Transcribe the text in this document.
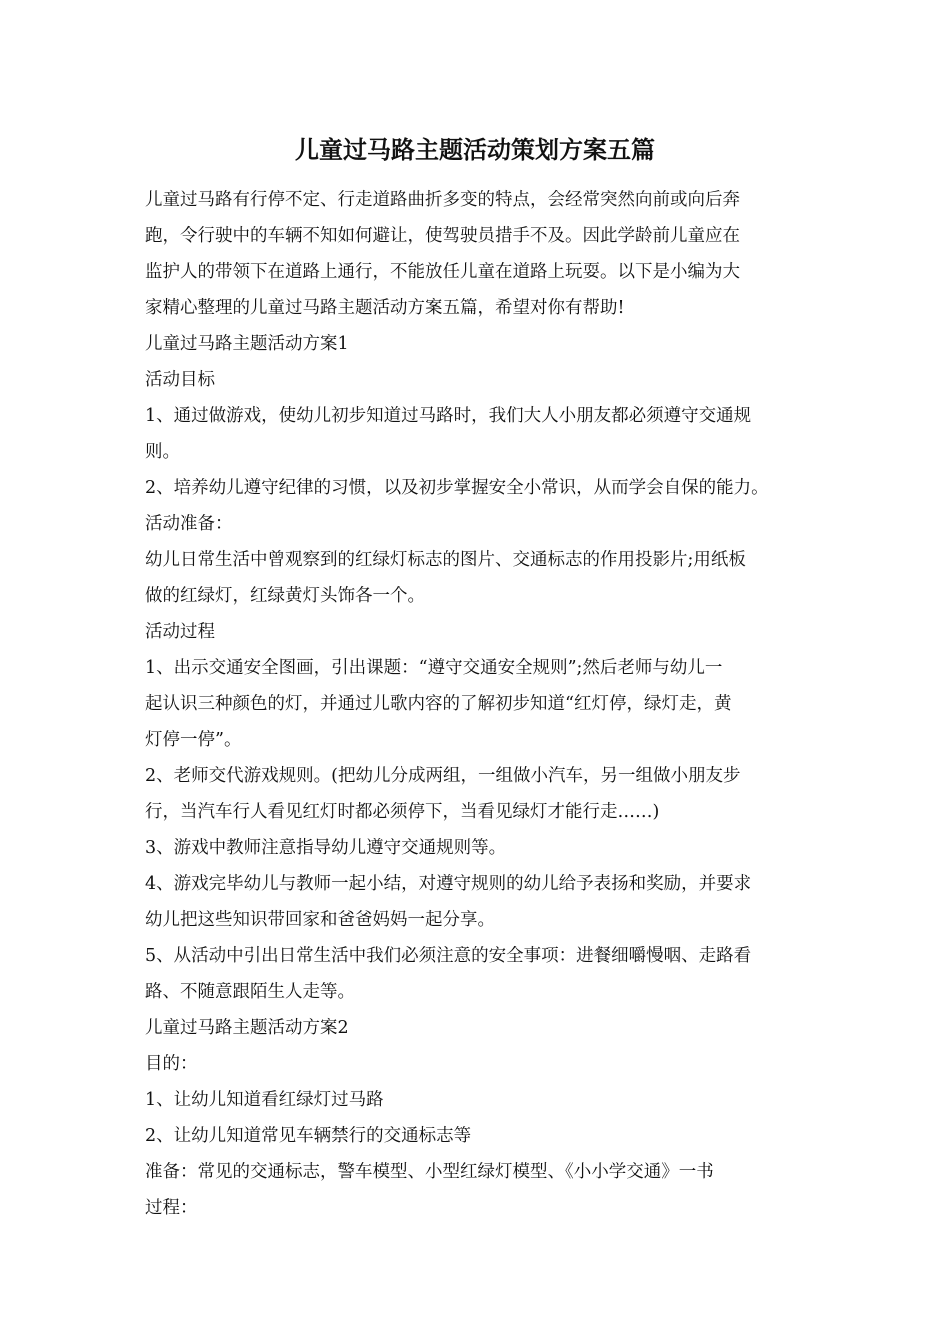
儿童过马路主题活动策划方案五篇

儿童过马路有行停不定、行走道路曲折多变的特点，会经常突然向前或向后奔
跑，令行驶中的车辆不知如何避让，使驾驶员措手不及。因此学龄前儿童应在
监护人的带领下在道路上通行，不能放任儿童在道路上玩耍。以下是小编为大
家精心整理的儿童过马路主题活动方案五篇，希望对你有帮助!

儿童过马路主题活动方案1

活动目标

1、通过做游戏，使幼儿初步知道过马路时，我们大人小朋友都必须遵守交通规
则。

2、培养幼儿遵守纪律的习惯，以及初步掌握安全小常识，从而学会自保的能力。

活动准备：

幼儿日常生活中曾观察到的红绿灯标志的图片、交通标志的作用投影片;用纸板
做的红绿灯，红绿黄灯头饰各一个。

活动过程

1、出示交通安全图画，引出课题：“遵守交通安全规则”;然后老师与幼儿一
起认识三种颜色的灯，并通过儿歌内容的了解初步知道“红灯停，绿灯走，黄
灯停一停”。

2、老师交代游戏规则。(把幼儿分成两组，一组做小汽车，另一组做小朋友步
行，当汽车行人看见红灯时都必须停下，当看见绿灯才能行走……)

3、游戏中教师注意指导幼儿遵守交通规则等。

4、游戏完毕幼儿与教师一起小结，对遵守规则的幼儿给予表扬和奖励，并要求
幼儿把这些知识带回家和爸爸妈妈一起分享。

5、从活动中引出日常生活中我们必须注意的安全事项：进餐细嚼慢咽、走路看
路、不随意跟陌生人走等。

儿童过马路主题活动方案2

目的：

1、让幼儿知道看红绿灯过马路

2、让幼儿知道常见车辆禁行的交通标志等

准备：常见的交通标志，警车模型、小型红绿灯模型、《小小学交通》一书

过程：
